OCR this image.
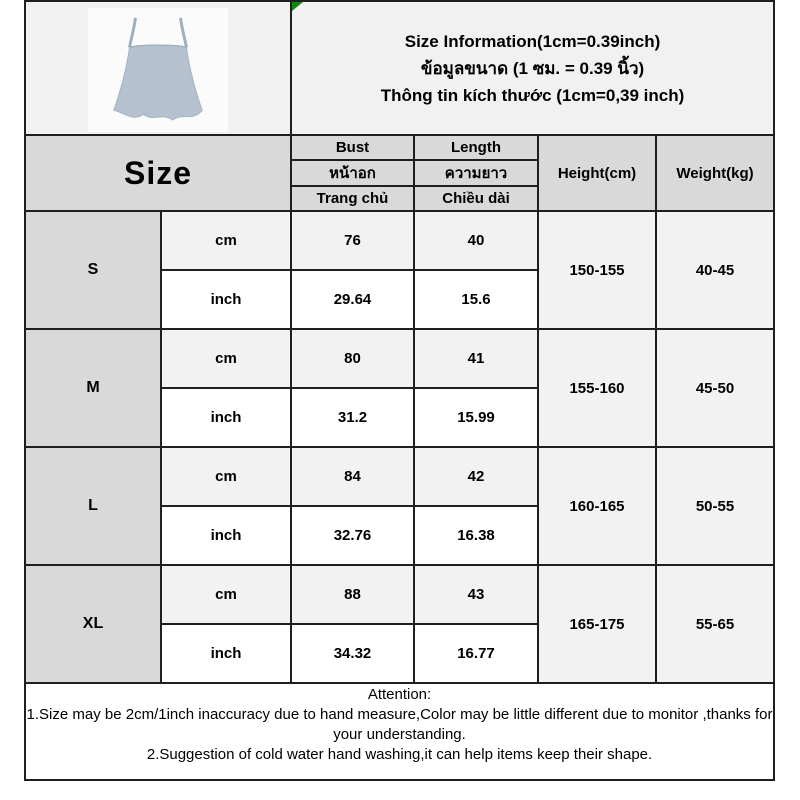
Size Information(1cm=0.39inch)
ข้อมูลขนาด (1 ซม. = 0.39 นิ้ว)
Thông tin kích thước (1cm=0,39 inch)			

Size		Bust	Length	Height(cm)	Weight(kg)
		หน้าอก	ความยาว		
		Trang chủ	Chiều dài		
S	cm	76	40	150-155	40-45
	inch	29.64	15.6		
M	cm	80	41	155-160	45-50
	inch	31.2	15.99		
L	cm	84	42	160-165	50-55
	inch	32.76	16.38		
XL	cm	88	43	165-175	55-65
	inch	34.32	16.77		

Attention:
1.Size may be 2cm/1inch inaccuracy due to hand measure,Color may be little different due to monitor ,thanks for your understanding.
2.Suggestion of cold water hand washing,it can help items keep their shape.					
